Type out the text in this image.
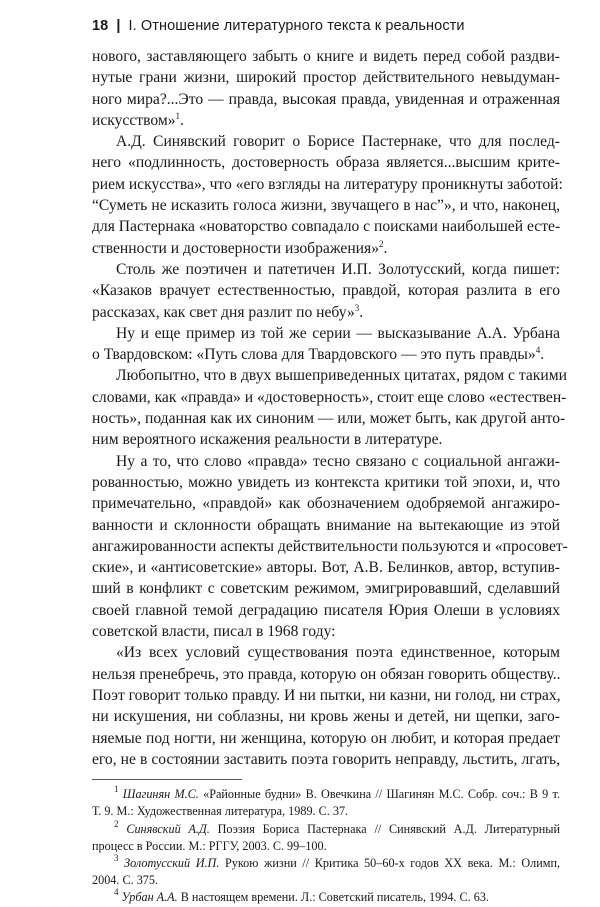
18 | I. Отношение литературного текста к реальности

нового, заставляющего забыть о книге и видеть перед собой раздви-
нутые грани жизни, широкий простор действительного невыдуман-
ного мира?...Это — правда, высокая правда, увиденная и отраженная
искусством»$^1$.

А.Д. Синявский говорит о Борисе Пастернаке, что для послед-
него «подлинность, достоверность образа является...высшим крите-
рием искусства», что «его взгляды на литературу проникнуты заботой:
“Суметь не исказить голоса жизни, звучащего в нас”», и что, наконец,
для Пастернака «новаторство совпадало с поисками наибольшей есте-
ственности и достоверности изображения»$^2$.

Столь же поэтичен и патетичен И.П. Золотусский, когда пишет:
«Казаков врачует естественностью, правдой, которая разлита в его
рассказах, как свет дня разлит по небу»$^3$.

Ну и еще пример из той же серии — высказывание А.А. Урбана
о Твардовском: «Путь слова для Твардовского — это путь правды»$^4$.

Любопытно, что в двух вышеприведенных цитатах, рядом с такими
словами, как «правда» и «достоверность», стоит еще слово «естествен-
ность», поданная как их синоним — или, может быть, как другой анто-
ним вероятного искажения реальности в литературе.

Ну а то, что слово «правда» тесно связано с социальной ангажи-
рованностью, можно увидеть из контекста критики той эпохи, и, что
примечательно, «правдой» как обозначением одобряемой ангажиро-
ванности и склонности обращать внимание на вытекающие из этой
ангажированности аспекты действительности пользуются и «просовет-
ские», и «антисоветские» авторы. Вот, А.В. Белинков, автор, вступив-
ший в конфликт с советским режимом, эмигрировавший, сделавший
своей главной темой деградацию писателя Юрия Олеши в условиях
советской власти, писал в 1968 году:

«Из всех условий существования поэта единственное, которым
нельзя пренебречь, это правда, которую он обязан говорить обществу..
Поэт говорит только правду. И ни пытки, ни казни, ни голод, ни страх,
ни искушения, ни соблазны, ни кровь жены и детей, ни щепки, заго-
няемые под ногти, ни женщина, которую он любит, и которая предает
его, не в состоянии заставить поэта говорить неправду, льстить, лгать,

$^1$ Шагинян М.С. «Районные будни» В. Овечкина // Шагинян М.С. Собр. соч.: В 9 т.
Т. 9. М.: Художественная литература, 1989. С. 37.
$^2$ Синявский А.Д. Поэзия Бориса Пастернака // Синявский А.Д. Литературный
процесс в России. М.: РГГУ, 2003. С. 99–100.
$^3$ Золотусский И.П. Рукою жизни // Критика 50–60-х годов XX века. М.: Олимп,
2004. С. 375.
$^4$ Урбан А.А. В настоящем времени. Л.: Советский писатель, 1994. С. 63.
